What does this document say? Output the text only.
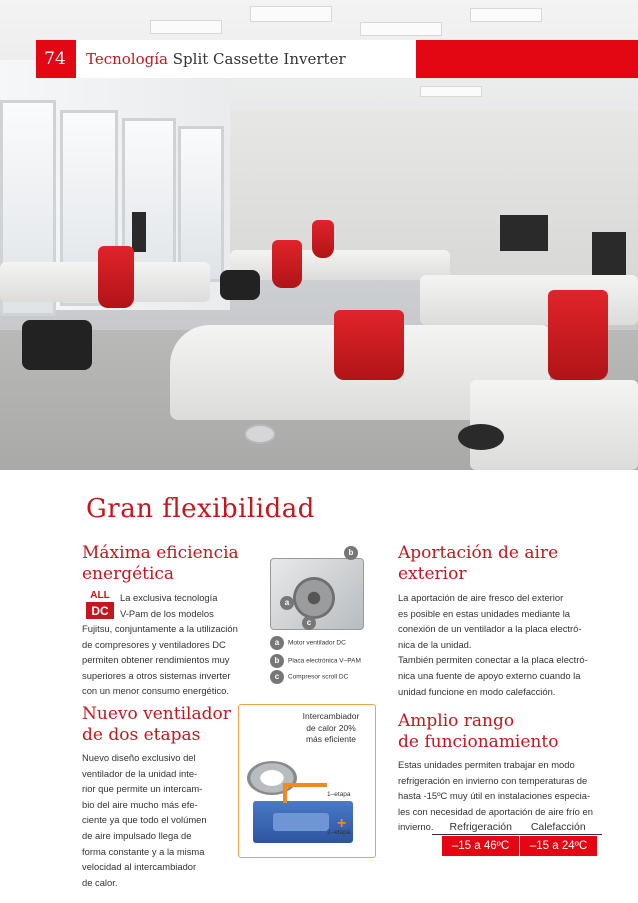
74	Tecnología Split Cassette Inverter
Gran flexibilidad
Máxima eficiencia
energética
ALL
DC
La exclusiva tecnología
V-Pam de los modelos
Fujitsu, conjuntamente a la utilización
de compresores y ventiladores DC
permiten obtener rendimientos muy
superiores a otros sistemas inverter
con un menor consumo energético.
b
a
c
a Motor ventilador DC
b Placa electrónica V–PAM
c Compresor scroll DC
Aportación de aire
exterior
La aportación de aire fresco del exterior
es posible en estas unidades mediante la
conexión de un ventilador a la placa electró-
nica de la unidad.
También permiten conectar a la placa electró-
nica una fuente de apoyo externo cuando la
unidad funcione en modo calefacción.
Nuevo ventilador
de dos etapas
Nuevo diseño exclusivo del
ventilador de la unidad inte-
rior que permite un intercam-
bio del aire mucho más efe-
ciente ya que todo el volúmen
de aire impulsado llega de
forma constante y a la misma
velocidad al intercambiador
de calor.
Intercambiador
de calor 20%
más eficiente
1–etapa
+
2–etapa
Amplio rango
de funcionamiento
Estas unidades permiten trabajar en modo
refrigeración en invierno con temperaturas de
hasta -15ºC muy útil en instalaciones especia-
les con necesidad de aportación de aire frío en
invierno.	Refrigeración	Calefacción
–15 a 46ºC	–15 a 24ºC
